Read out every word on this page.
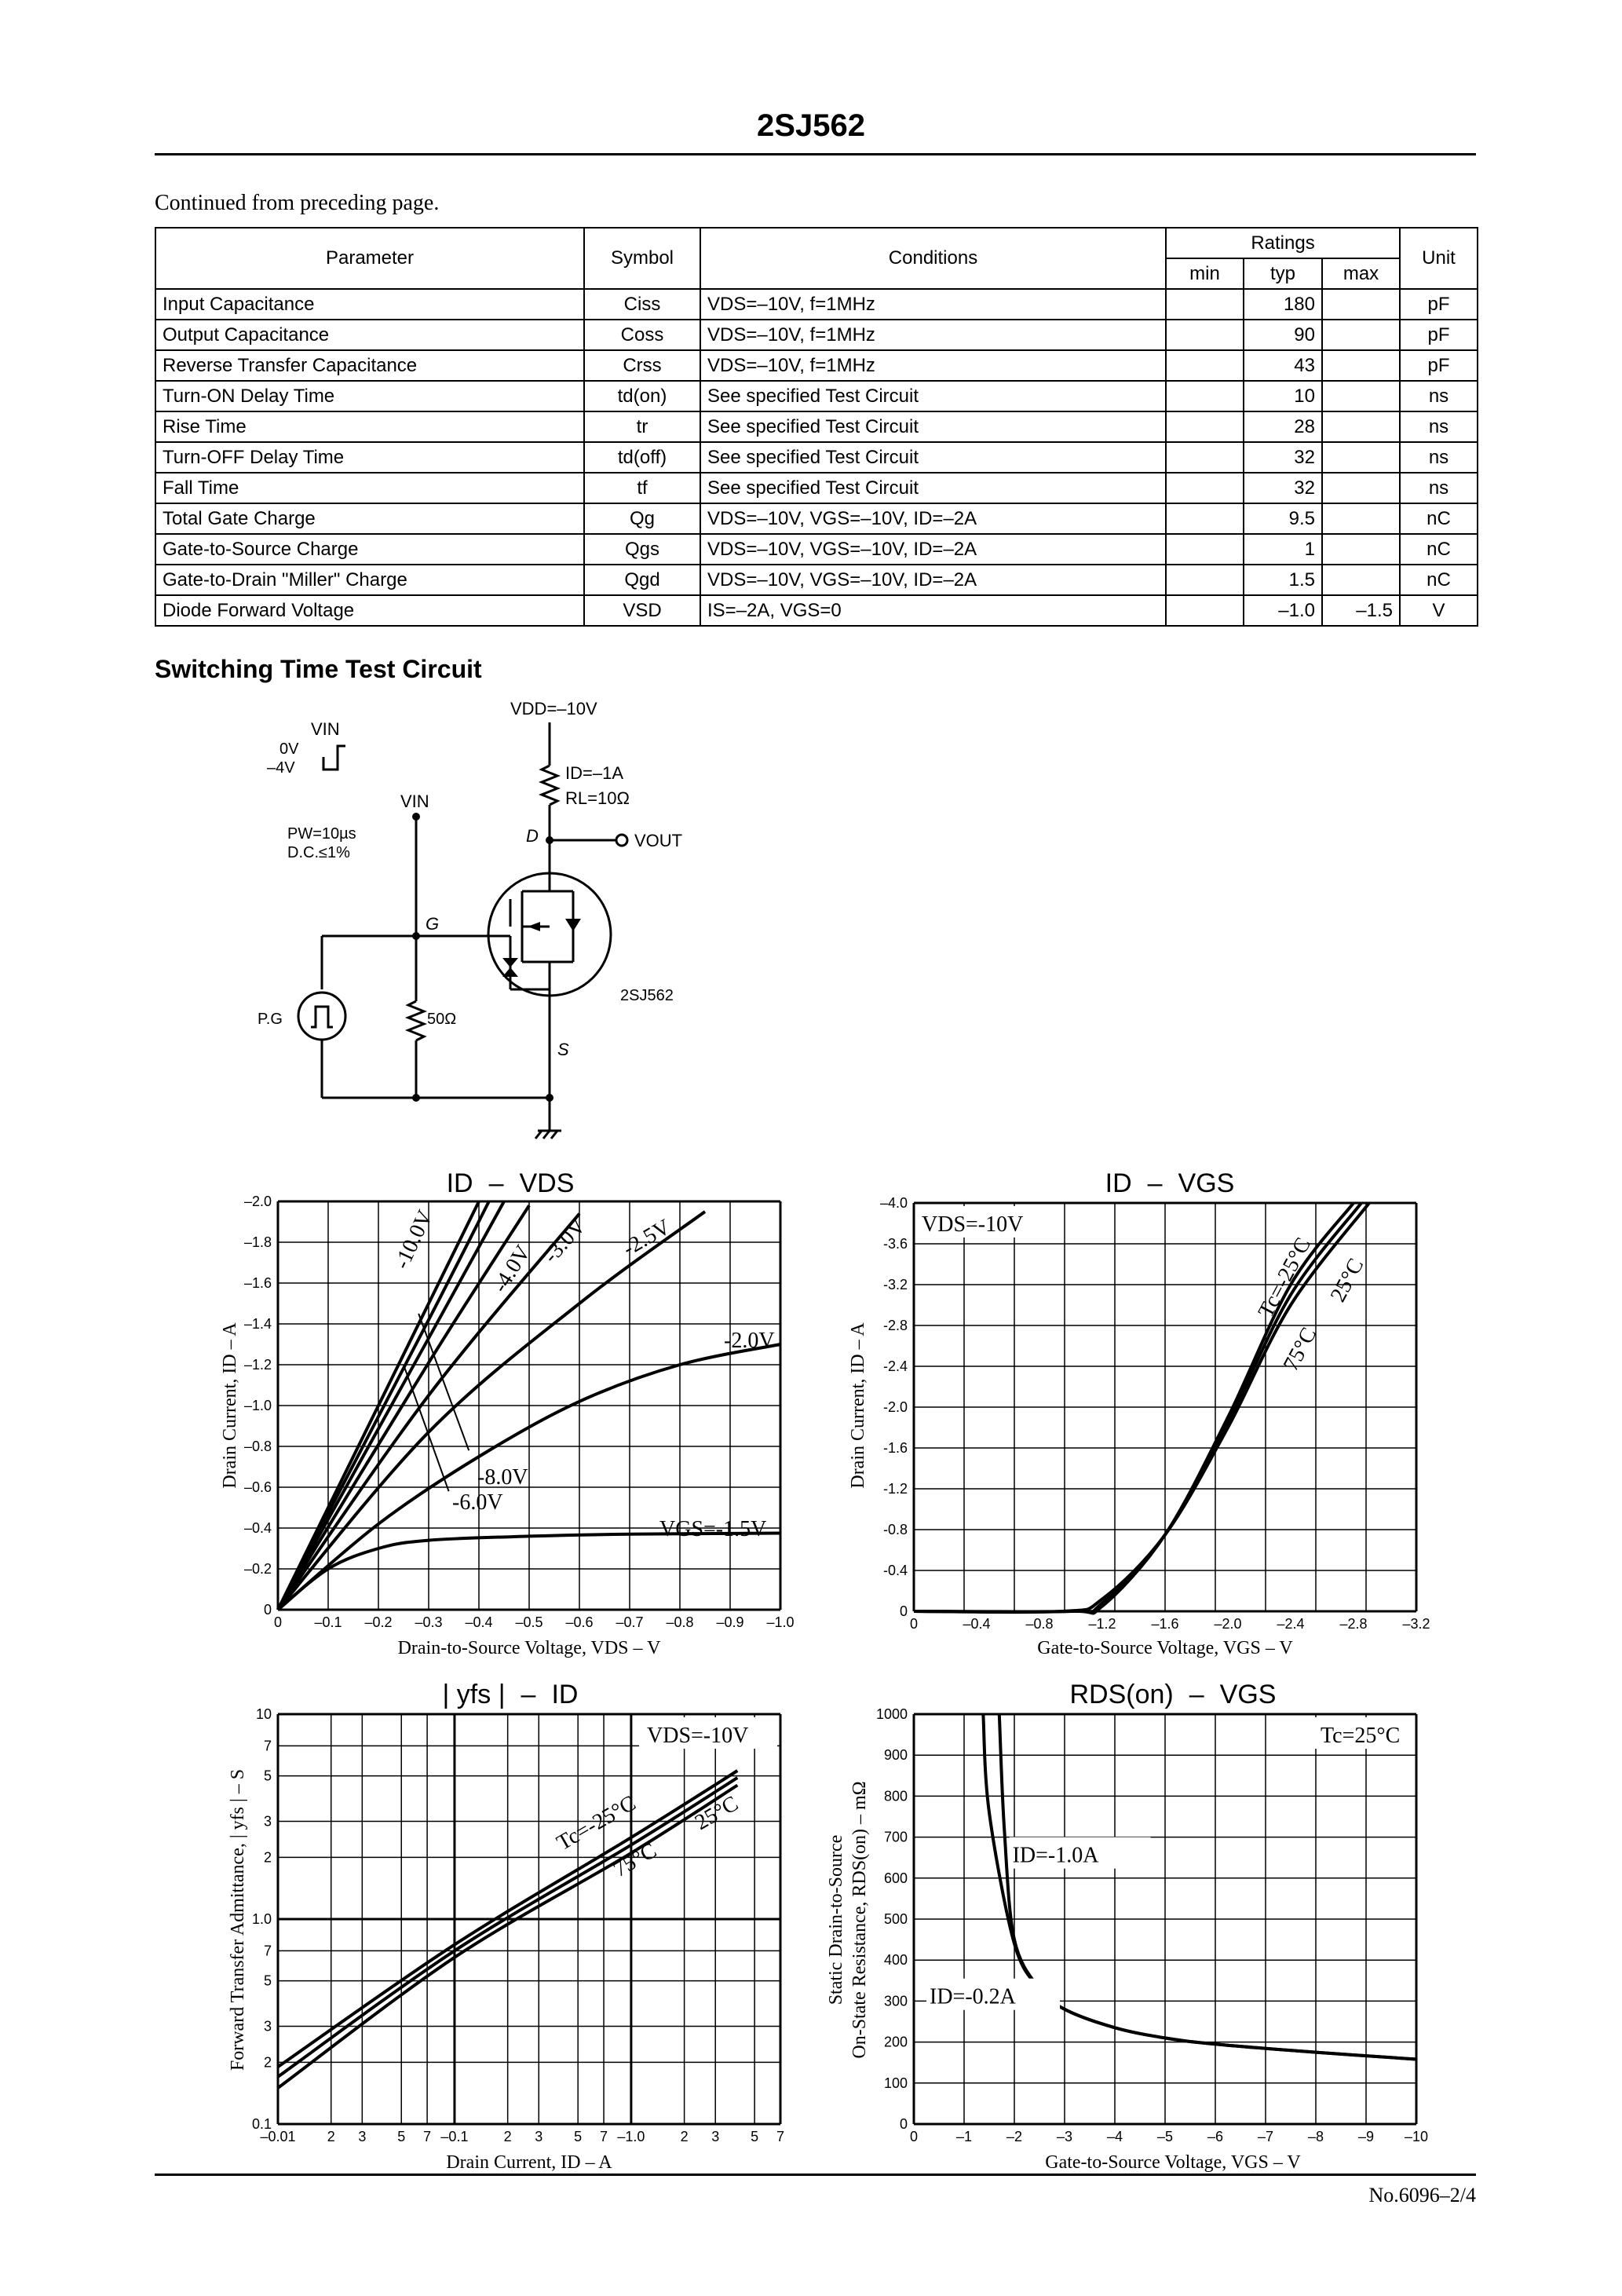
2SJ562
Continued from preceding page.
Parameter	Symbol	Conditions	Ratings			Unit
			min	typ	max	
Input Capacitance	Ciss	VDS=–10V, f=1MHz		180		pF
Output Capacitance	Coss	VDS=–10V, f=1MHz		90		pF
Reverse Transfer Capacitance	Crss	VDS=–10V, f=1MHz		43		pF
Turn-ON Delay Time	td(on)	See specified Test Circuit		10		ns
Rise Time	tr	See specified Test Circuit		28		ns
Turn-OFF Delay Time	td(off)	See specified Test Circuit		32		ns
Fall Time	tf	See specified Test Circuit		32		ns
Total Gate Charge	Qg	VDS=–10V, VGS=–10V, ID=–2A		9.5		nC
Gate-to-Source Charge	Qgs	VDS=–10V, VGS=–10V, ID=–2A		1		nC
Gate-to-Drain "Miller" Charge	Qgd	VDS=–10V, VGS=–10V, ID=–2A		1.5		nC
Diode Forward Voltage	VSD	IS=–2A, VGS=0		–1.0	–1.5	V
Switching Time Test Circuit
VDD=–10V
VIN
0V
–4V
VIN
ID=–1A
RL=10Ω
PW=10µs
D.C.≤1%
D	VOUT
G
2SJ562
P.G	50Ω
S
ID – VDS
0 –0.1 –0.2 –0.3 –0.4 –0.5 –0.6 –0.7 –0.8 –0.9 –1.0
–2.0
–1.8
–1.6
–1.4
–1.2
–1.0
–0.8
–0.6
–0.4
–0.2
0
-10.0V -4.0V
-3.0V -2.5V
-2.0V
-8.0V
-6.0V
VGS=-1.5V
Drain-to-Source Voltage, VDS – V
Drain Current, ID – A
ID – VGS
0	–0.4 –0.8 –1.2 –1.6 –2.0 –2.4 –2.8 –3.2
–4.0
-3.6
-3.2
-2.8
-2.4
-2.0
-1.6
-1.2
-0.8
-0.4
0
VDS=-10V
Tc=-25°C 25°C
75°C
Gate-to-Source Voltage, VGS – V
Drain Current, ID – A
| yfs | – ID
–0.01 2 3 5 7 –0.1	2 3 5 7 –1.0	2 3 5 7
10
7
5
3
2
1.0
7
5
3
2
0.1
VDS=-10V
Tc=-25°C 25°C
75°C
Drain Current, ID – A
Forward Transfer Admittance, | yfs | – S
RDS(on) – VGS
0	–1 –2 –3 –4 –5 –6 –7 –8 –9 –10
1000
900
800
700
600
500
400
300
200
100
0
Tc=25°C
ID=-1.0A
ID=-0.2A
Gate-to-Source Voltage, VGS – V
Static Drain-to-Source On-State Resistance, RDS(on) – mΩ
No.6096–2/4
